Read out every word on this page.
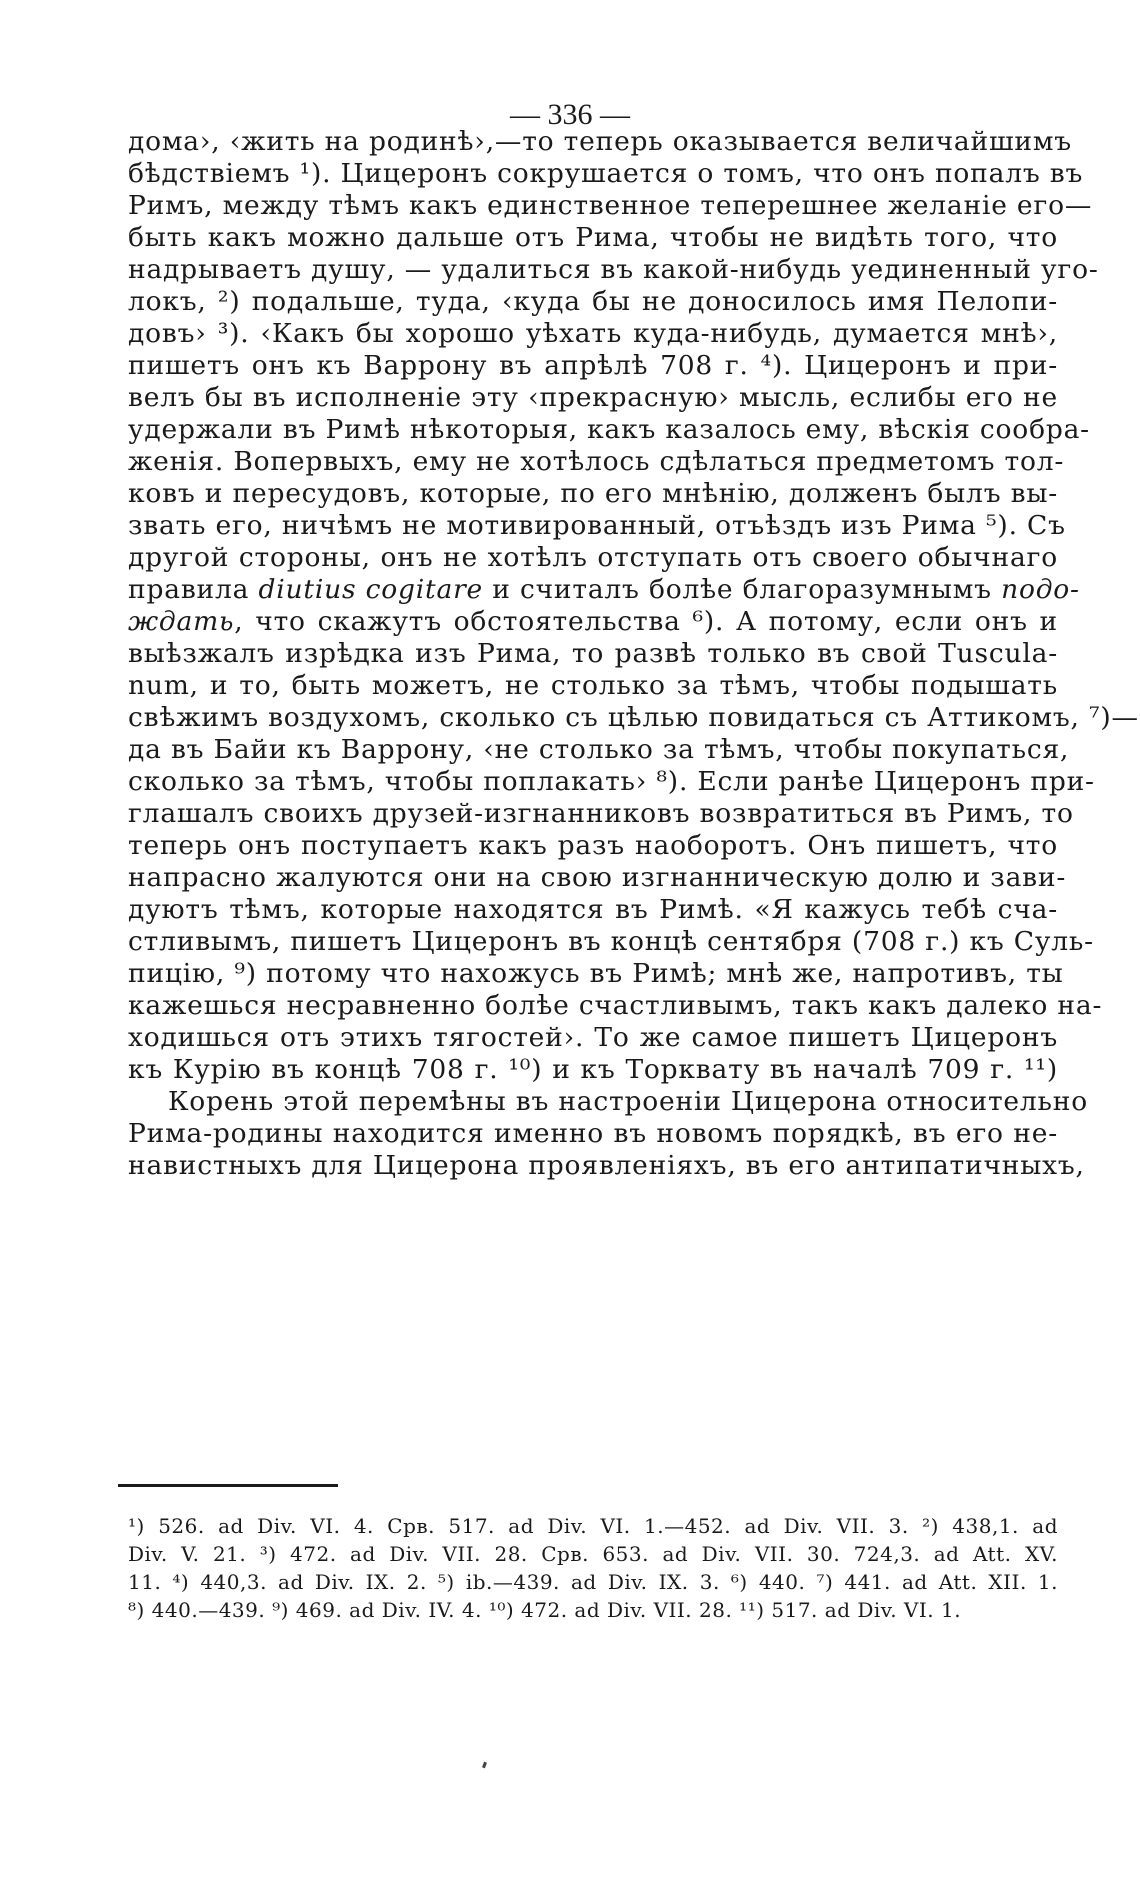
— 336 —
дома›, ‹жить на родинѣ›,—то теперь оказывается величайшимъ
бѣдствіемъ ¹). Цицеронъ сокрушается о томъ, что онъ попалъ въ
Римъ, между тѣмъ какъ единственное теперешнее желаніе его—
быть какъ можно дальше отъ Рима, чтобы не видѣть того, что
надрываетъ душу, — удалиться въ какой-нибудь уединенный уго-
локъ, ²) подальше, туда, ‹куда бы не доносилось имя Пелопи-
довъ› ³). ‹Какъ бы хорошо уѣхать куда-нибудь, думается мнѣ›,
пишетъ онъ къ Варрону въ апрѣлѣ 708 г. ⁴). Цицеронъ и при-
велъ бы въ исполненіе эту ‹прекрасную› мысль, еслибы его не
удержали въ Римѣ нѣкоторыя, какъ казалось ему, вѣскія сообра-
женія. Вопервыхъ, ему не хотѣлось сдѣлаться предметомъ тол-
ковъ и пересудовъ, которые, по его мнѣнію, долженъ былъ вы-
звать его, ничѣмъ не мотивированный, отъѣздъ изъ Рима ⁵). Съ
другой стороны, онъ не хотѣлъ отступать отъ своего обычнаго
правила diutius cogitare и считалъ болѣе благоразумнымъ подо-
ждать, что скажутъ обстоятельства ⁶). А потому, если онъ и
выѣзжалъ изрѣдка изъ Рима, то развѣ только въ свой Tuscula-
num, и то, быть можетъ, не столько за тѣмъ, чтобы подышать
свѣжимъ воздухомъ, сколько съ цѣлью повидаться съ Аттикомъ, ⁷)—
да въ Байи къ Варрону, ‹не столько за тѣмъ, чтобы покупаться,
сколько за тѣмъ, чтобы поплакать› ⁸). Если ранѣе Цицеронъ при-
глашалъ своихъ друзей-изгнанниковъ возвратиться въ Римъ, то
теперь онъ поступаетъ какъ разъ наоборотъ. Онъ пишетъ, что
напрасно жалуются они на свою изгнанническую долю и зави-
дуютъ тѣмъ, которые находятся въ Римѣ. «Я кажусь тебѣ сча-
стливымъ, пишетъ Цицеронъ въ концѣ сентября (708 г.) къ Суль-
пицію, ⁹) потому что нахожусь въ Римѣ; мнѣ же, напротивъ, ты
кажешься несравненно болѣе счастливымъ, такъ какъ далеко на-
ходишься отъ этихъ тягостей›. То же самое пишетъ Цицеронъ
къ Курію въ концѣ 708 г. ¹⁰) и къ Торквату въ началѣ 709 г. ¹¹)
Корень этой перемѣны въ настроеніи Цицерона относительно
Рима-родины находится именно въ новомъ порядкѣ, въ его не-
навистныхъ для Цицерона проявленіяхъ, въ его антипатичныхъ,
¹) 526. ad Div. VI. 4. Срв. 517. ad Div. VI. 1.—452. ad Div. VII. 3. ²) 438,1. ad
Div. V. 21. ³) 472. ad Div. VII. 28. Срв. 653. ad Div. VII. 30. 724,3. ad Att. XV.
11. ⁴) 440,3. ad Div. IX. 2. ⁵) ib.—439. ad Div. IX. 3. ⁶) 440. ⁷) 441. ad Att. XII. 1.
⁸) 440.—439. ⁹) 469. ad Div. IV. 4. ¹⁰) 472. ad Div. VII. 28. ¹¹) 517. ad Div. VI. 1.
